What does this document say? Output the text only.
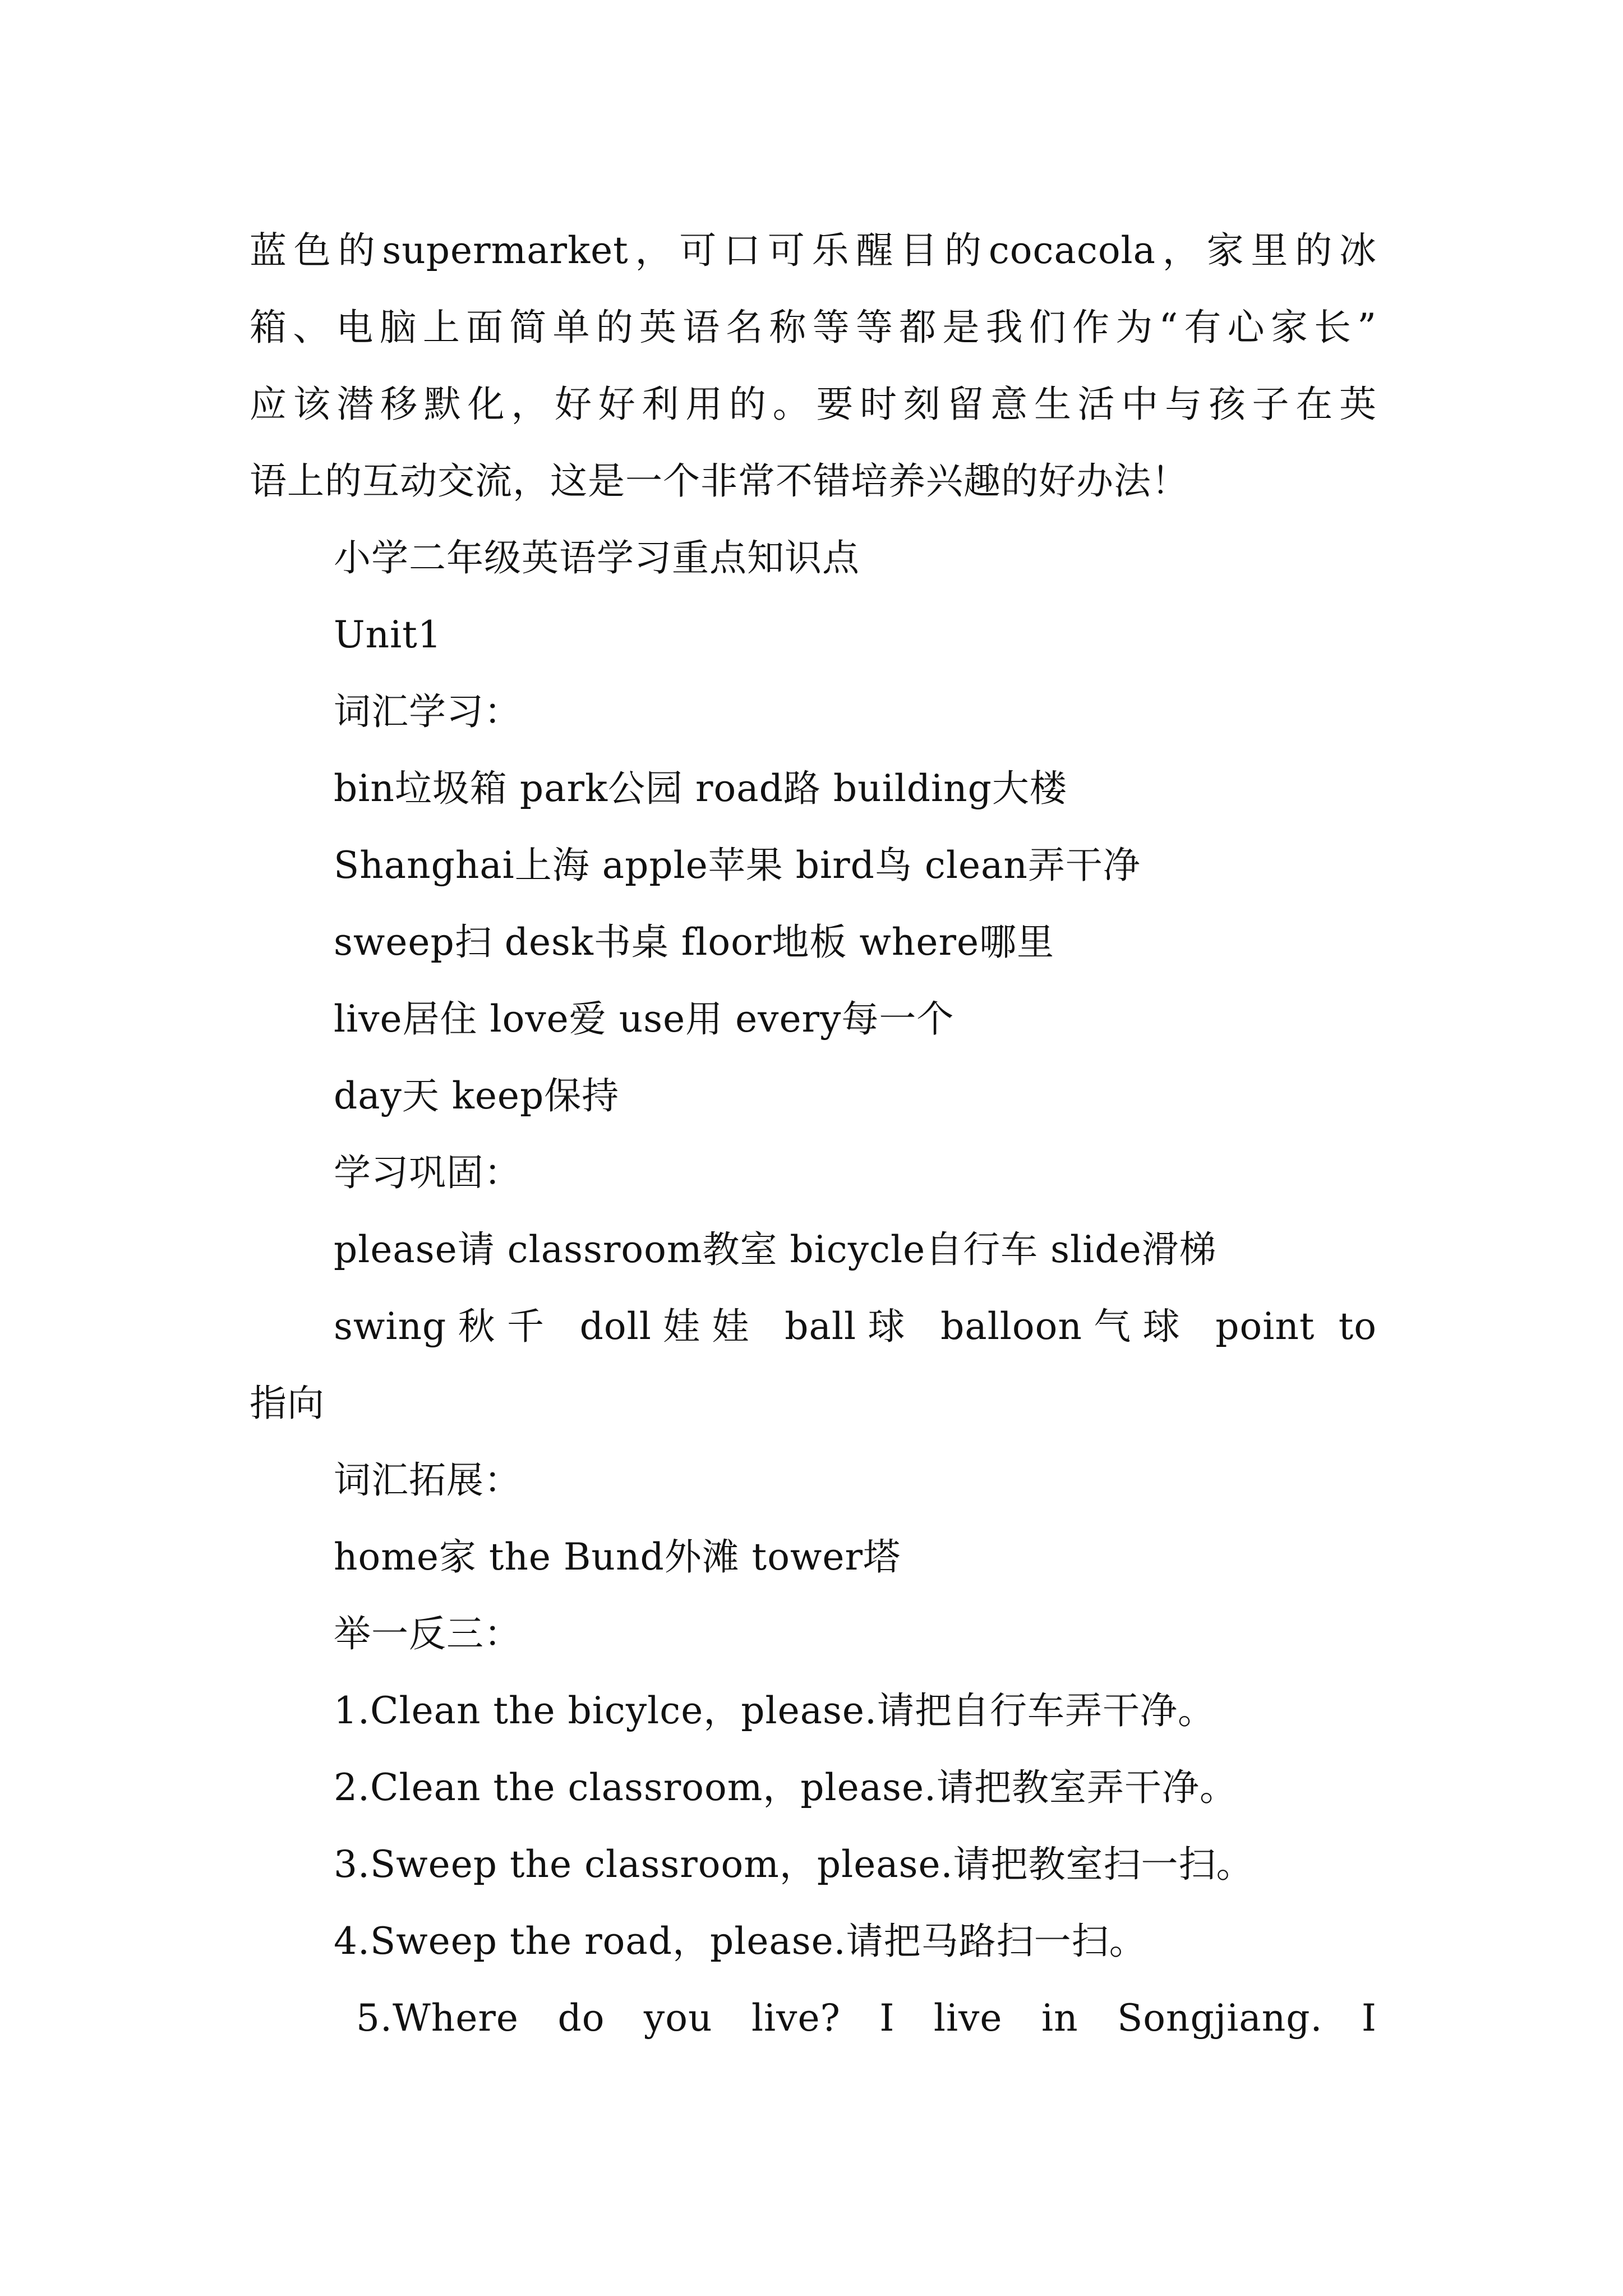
蓝色的supermarket，可口可乐醒目的cocacola，家里的冰
箱、电脑上面简单的英语名称等等都是我们作为“有心家长”
应该潜移默化，好好利用的。要时刻留意生活中与孩子在英
语上的互动交流，这是一个非常不错培养兴趣的好办法！
小学二年级英语学习重点知识点
Unit1
词汇学习：
bin垃圾箱 park公园 road路 building大楼
Shanghai上海 apple苹果 bird鸟 clean弄干净
sweep扫 desk书桌 floor地板 where哪里
live居住 love爱 use用 every每一个
day天 keep保持
学习巩固：
please请 classroom教室 bicycle自行车 slide滑梯
swing秋千 doll娃娃 ball球 balloon气球 point to
指向
词汇拓展：
home家 the Bund外滩 tower塔
举一反三：
1.Clean the bicylce，please.请把自行车弄干净。
2.Clean the classroom，please.请把教室弄干净。
3.Sweep the classroom，please.请把教室扫一扫。
4.Sweep the road，please.请把马路扫一扫。
5.Where do you live? I live in Songjiang. I
